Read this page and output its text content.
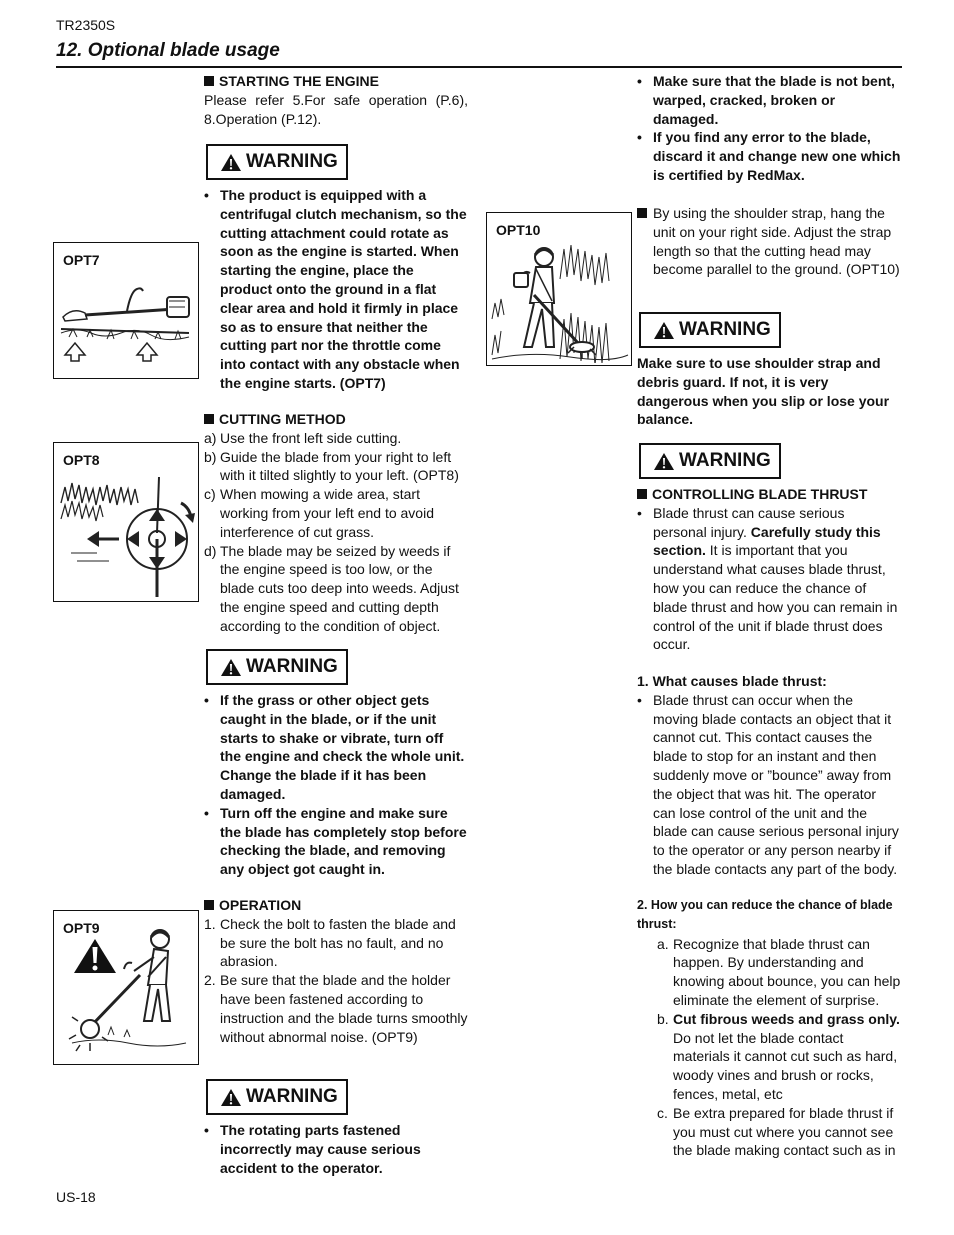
TR2350S
12. Optional blade usage
OPT7
OPT8
OPT9
STARTING THE ENGINE
Please refer 5.For safe operation (P.6), 8.Operation (P.12).
WARNING
• The product is equipped with a centrifugal clutch mechanism, so the cutting attachment could rotate as soon as the engine is started. When starting the engine, place the product onto the ground in a flat clear area and hold it firmly in place so as to ensure that neither the cutting part nor the throttle come into contact with any obstacle when the engine starts. (OPT7)
CUTTING METHOD
a) Use the front left side cutting.
b) Guide the blade from your right to left with it tilted slightly to your left. (OPT8)
c) When mowing a wide area, start working from your left end to avoid interference of cut grass.
d) The blade may be seized by weeds if the engine speed is too low, or the blade cuts too deep into weeds. Adjust the engine speed and cutting depth according to the condition of object.
WARNING
• If the grass or other object gets caught in the blade, or if the unit starts to shake or vibrate, turn off the engine and check the whole unit. Change the blade if it has been damaged.
• Turn off the engine and make sure the blade has completely stop before checking the blade, and removing any object got caught in.
OPERATION
1. Check the bolt to fasten the blade and be sure the bolt has no fault, and no abrasion.
2. Be sure that the blade and the holder have been fastened according to instruction and the blade turns smoothly without abnormal noise. (OPT9)
WARNING
• The rotating parts fastened incorrectly may cause serious accident to the operator.
OPT10
• Make sure that the blade is not bent, warped, cracked, broken or damaged.
• If you find any error to the blade, discard it and change new one which is certified by RedMax.
By using the shoulder strap, hang the unit on your right side. Adjust the strap length so that the cutting head may become parallel to the ground. (OPT10)
WARNING
Make sure to use shoulder strap and debris guard. If not, it is very dangerous when you slip or lose your balance.
WARNING
CONTROLLING BLADE THRUST
• Blade thrust can cause serious personal injury. Carefully study this section. It is important that you understand what causes blade thrust, how you can reduce the chance of blade thrust and how you can remain in control of the unit if blade thrust does occur.
1. What causes blade thrust:
• Blade thrust can occur when the moving blade contacts an object that it cannot cut. This contact causes the blade to stop for an instant and then suddenly move or ”bounce” away from the object that was hit. The operator can lose control of the unit and the blade can cause serious personal injury to the operator or any person nearby if the blade contacts any part of the body.
2. How you can reduce the chance of blade thrust:
a. Recognize that blade thrust can happen. By understanding and knowing about bounce, you can help eliminate the element of surprise.
b. Cut fibrous weeds and grass only. Do not let the blade contact materials it cannot cut such as hard, woody vines and brush or rocks, fences, metal, etc
c. Be extra prepared for blade thrust if you must cut where you cannot see the blade making contact such as in
US-18
